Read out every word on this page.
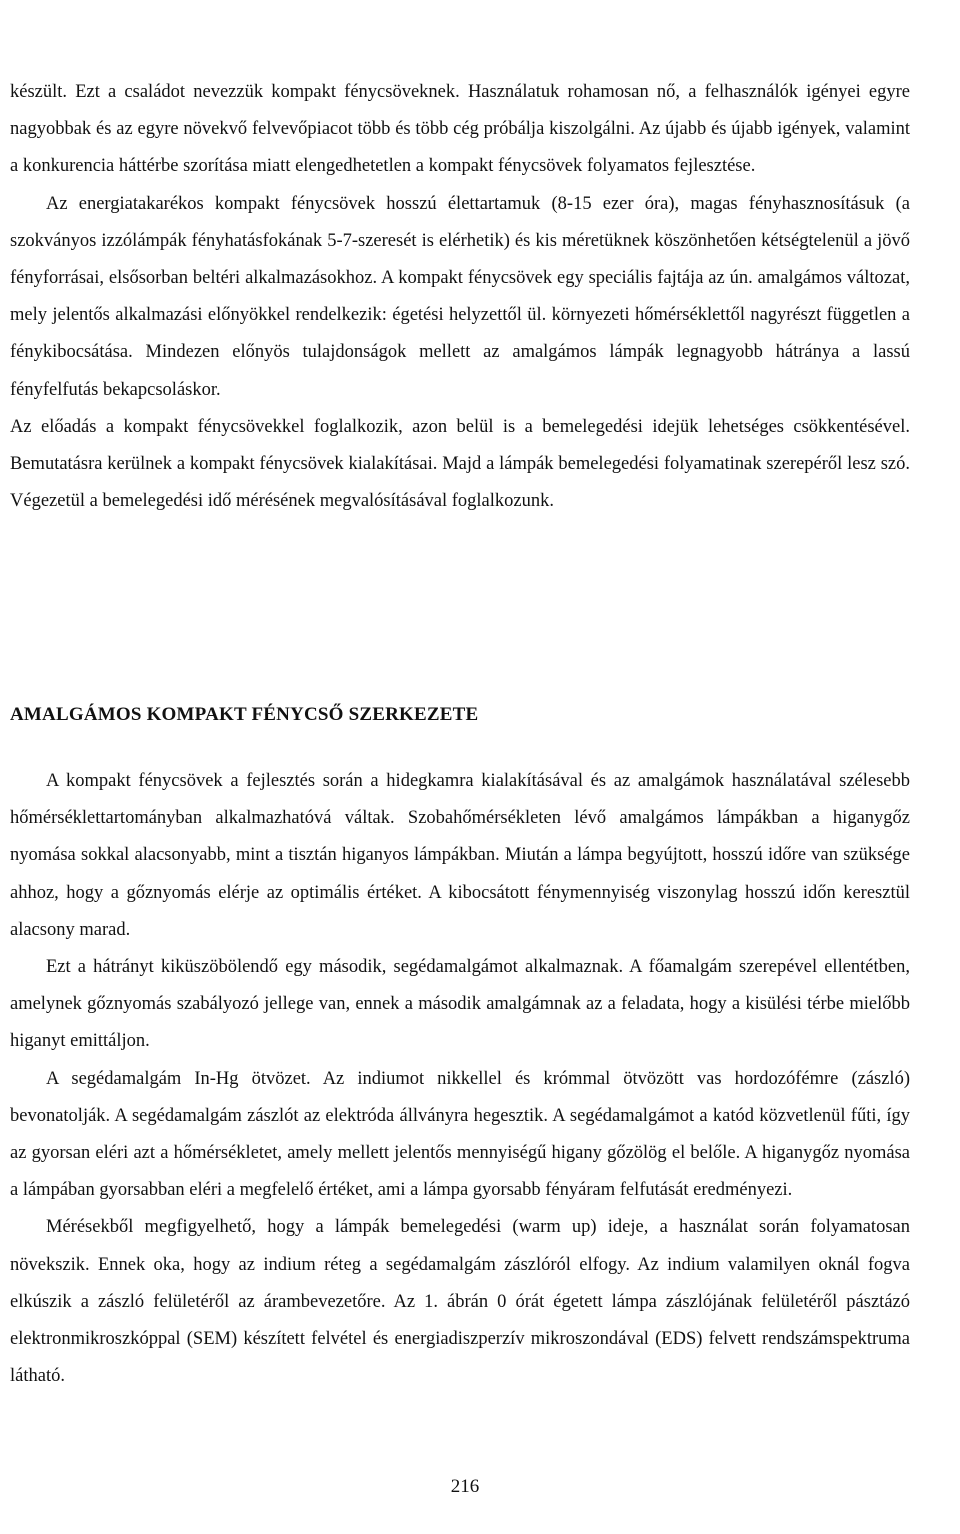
készült. Ezt a családot nevezzük kompakt fénycsöveknek. Használatuk rohamosan nő, a felhasználók igényei egyre nagyobbak és az egyre növekvő felvevőpiacot több és több cég próbálja kiszolgálni. Az újabb és újabb igények, valamint a konkurencia háttérbe szorítása miatt elengedhetetlen a kompakt fénycsövek folyamatos fejlesztése.

Az energiatakarékos kompakt fénycsövek hosszú élettartamuk (8-15 ezer óra), magas fényhasznosításuk (a szokványos izzólámpák fényhatásfokának 5-7-szeresét is elérhetik) és kis méretüknek köszönhetően kétségtelenül a jövő fényforrásai, elsősorban beltéri alkalmazásokhoz. A kompakt fénycsövek egy speciális fajtája az ún. amalgámos változat, mely jelentős alkalmazási előnyökkel rendelkezik: égetési helyzettől ül. környezeti hőmérséklettől nagyrészt független a fénykibocsátása. Mindezen előnyös tulajdonságok mellett az amalgámos lámpák legnagyobb hátránya a lassú fényfelfutás bekapcsoláskor.

Az előadás a kompakt fénycsövekkel foglalkozik, azon belül is a bemelegedési idejük lehetséges csökkentésével. Bemutatásra kerülnek a kompakt fénycsövek kialakításai. Majd a lámpák bemelegedési folyamatinak szerepéről lesz szó. Végezetül a bemelegedési idő mérésének megvalósításával foglalkozunk.

AMALGÁMOS KOMPAKT FÉNYCSŐ SZERKEZETE

A kompakt fénycsövek a fejlesztés során a hidegkamra kialakításával és az amalgámok használatával szélesebb hőmérséklettartományban alkalmazhatóvá váltak. Szobahőmérsékleten lévő amalgámos lámpákban a higanygőz nyomása sokkal alacsonyabb, mint a tisztán higanyos lámpákban. Miután a lámpa begyújtott, hosszú időre van szüksége ahhoz, hogy a gőznyomás elérje az optimális értéket. A kibocsátott fénymennyiség viszonylag hosszú időn keresztül alacsony marad.

Ezt a hátrányt kiküszöbölendő egy második, segédamalgámot alkalmaznak. A főamalgám szerepével ellentétben, amelynek gőznyomás szabályozó jellege van, ennek a második amalgámnak az a feladata, hogy a kisülési térbe mielőbb higanyt emittáljon.

A segédamalgám In-Hg ötvözet. Az indiumot nikkellel és krómmal ötvözött vas hordozófémre (zászló) bevonatolják. A segédamalgám zászlót az elektróda állványra hegesztik. A segédamalgámot a katód közvetlenül fűti, így az gyorsan eléri azt a hőmérsékletet, amely mellett jelentős mennyiségű higany gőzölög el belőle. A higanygőz nyomása a lámpában gyorsabban eléri a megfelelő értéket, ami a lámpa gyorsabb fényáram felfutását eredményezi.

Mérésekből megfigyelhető, hogy a lámpák bemelegedési (warm up) ideje, a használat során folyamatosan növekszik. Ennek oka, hogy az indium réteg a segédamalgám zászlóról elfogy. Az indium valamilyen oknál fogva elkúszik a zászló felületéről az árambevezetőre. Az 1. ábrán 0 órát égetett lámpa zászlójának felületéről pásztázó elektronmikroszkóppal (SEM) készített felvétel és energiadiszperzív mikroszondával (EDS) felvett rendszámspektruma látható.

216
